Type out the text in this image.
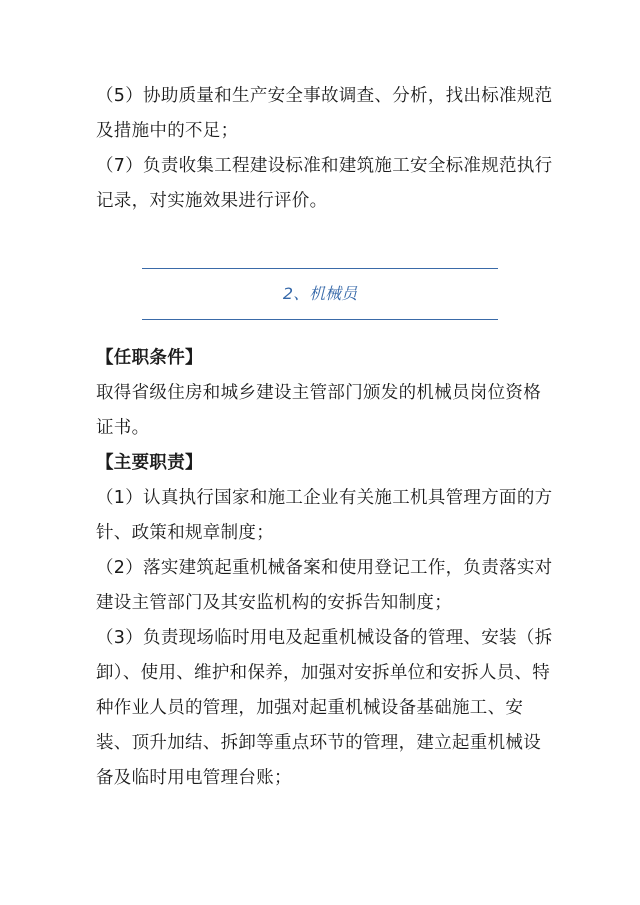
（5）协助质量和生产安全事故调查、分析，找出标准规范及措施中的不足；

（7）负责收集工程建设标准和建筑施工安全标准规范执行记录，对实施效果进行评价。

2、机械员

【任职条件】

取得省级住房和城乡建设主管部门颁发的机械员岗位资格证书。

【主要职责】

（1）认真执行国家和施工企业有关施工机具管理方面的方针、政策和规章制度；

（2）落实建筑起重机械备案和使用登记工作，负责落实对建设主管部门及其安监机构的安拆告知制度；

（3）负责现场临时用电及起重机械设备的管理、安装（拆卸）、使用、维护和保养，加强对安拆单位和安拆人员、特种作业人员的管理，加强对起重机械设备基础施工、安装、顶升加结、拆卸等重点环节的管理，建立起重机械设备及临时用电管理台账；
